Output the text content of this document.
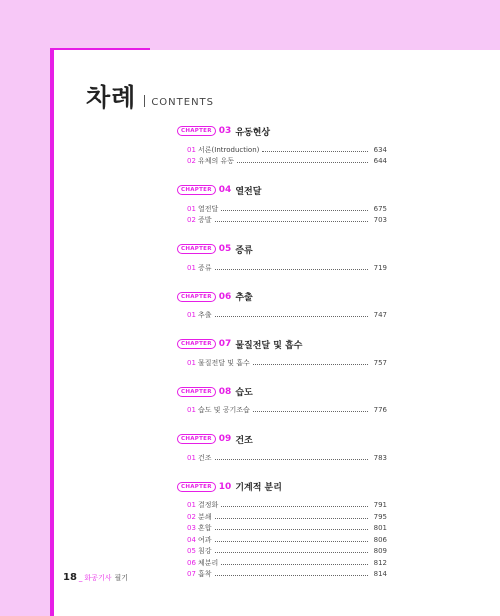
차례 CONTENTS
CHAPTER 03 유동현상
01 서론(Introduction)	634
02 유체의 유동	644
CHAPTER 04 열전달
01 열전달	675
02 증발	703
CHAPTER 05 증류
01 증류	719
CHAPTER 06 추출
01 추출	747
CHAPTER 07 물질전달 및 흡수
01 물질전달 및 흡수	757
CHAPTER 08 습도
01 습도 및 공기조습	776
CHAPTER 09 건조
01 건조	783
CHAPTER 10 기계적 분리
01 결정화	791
02 분쇄	795
03 혼합	801
04 여과	806
05 침강	809
06 체분리	812
07 흡착	814
18 _ 화공기사 필기
